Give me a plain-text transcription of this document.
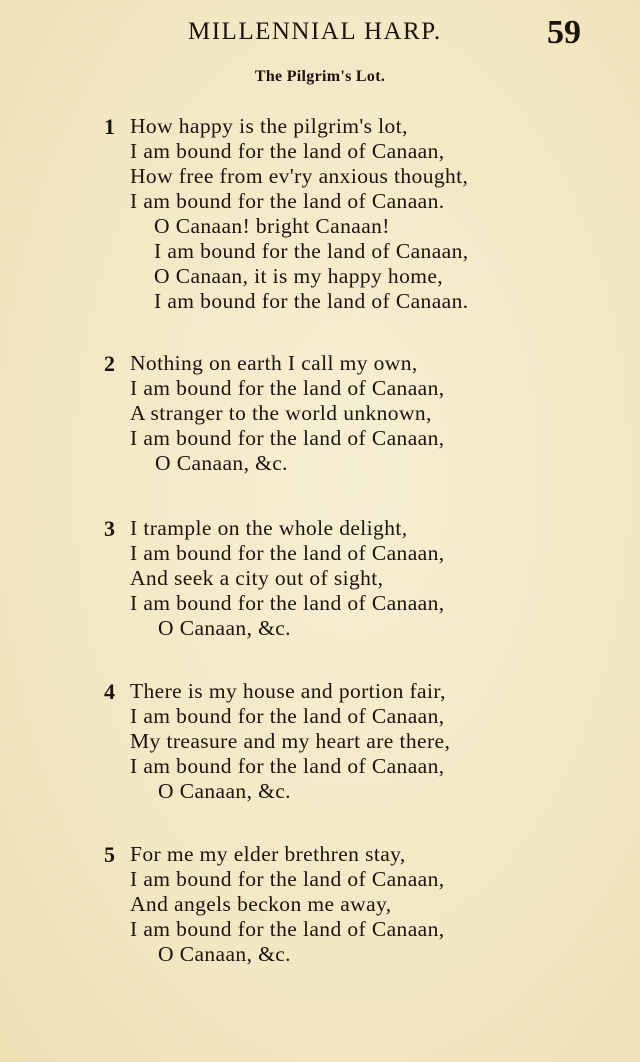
MILLENNIAL HARP.	59
The Pilgrim's Lot.
1 How happy is the pilgrim's lot,
I am bound for the land of Canaan,
How free from ev'ry anxious thought,
I am bound for the land of Canaan.
O Canaan! bright Canaan!
I am bound for the land of Canaan,
O Canaan, it is my happy home,
I am bound for the land of Canaan.
2 Nothing on earth I call my own,
I am bound for the land of Canaan,
A stranger to the world unknown,
I am bound for the land of Canaan,
O Canaan, &c.
3 I trample on the whole delight,
I am bound for the land of Canaan,
And seek a city out of sight,
I am bound for the land of Canaan,
O Canaan, &c.
4 There is my house and portion fair,
I am bound for the land of Canaan,
My treasure and my heart are there,
I am bound for the land of Canaan,
O Canaan, &c.
5 For me my elder brethren stay,
I am bound for the land of Canaan,
And angels beckon me away,
I am bound for the land of Canaan,
O Canaan, &c.
